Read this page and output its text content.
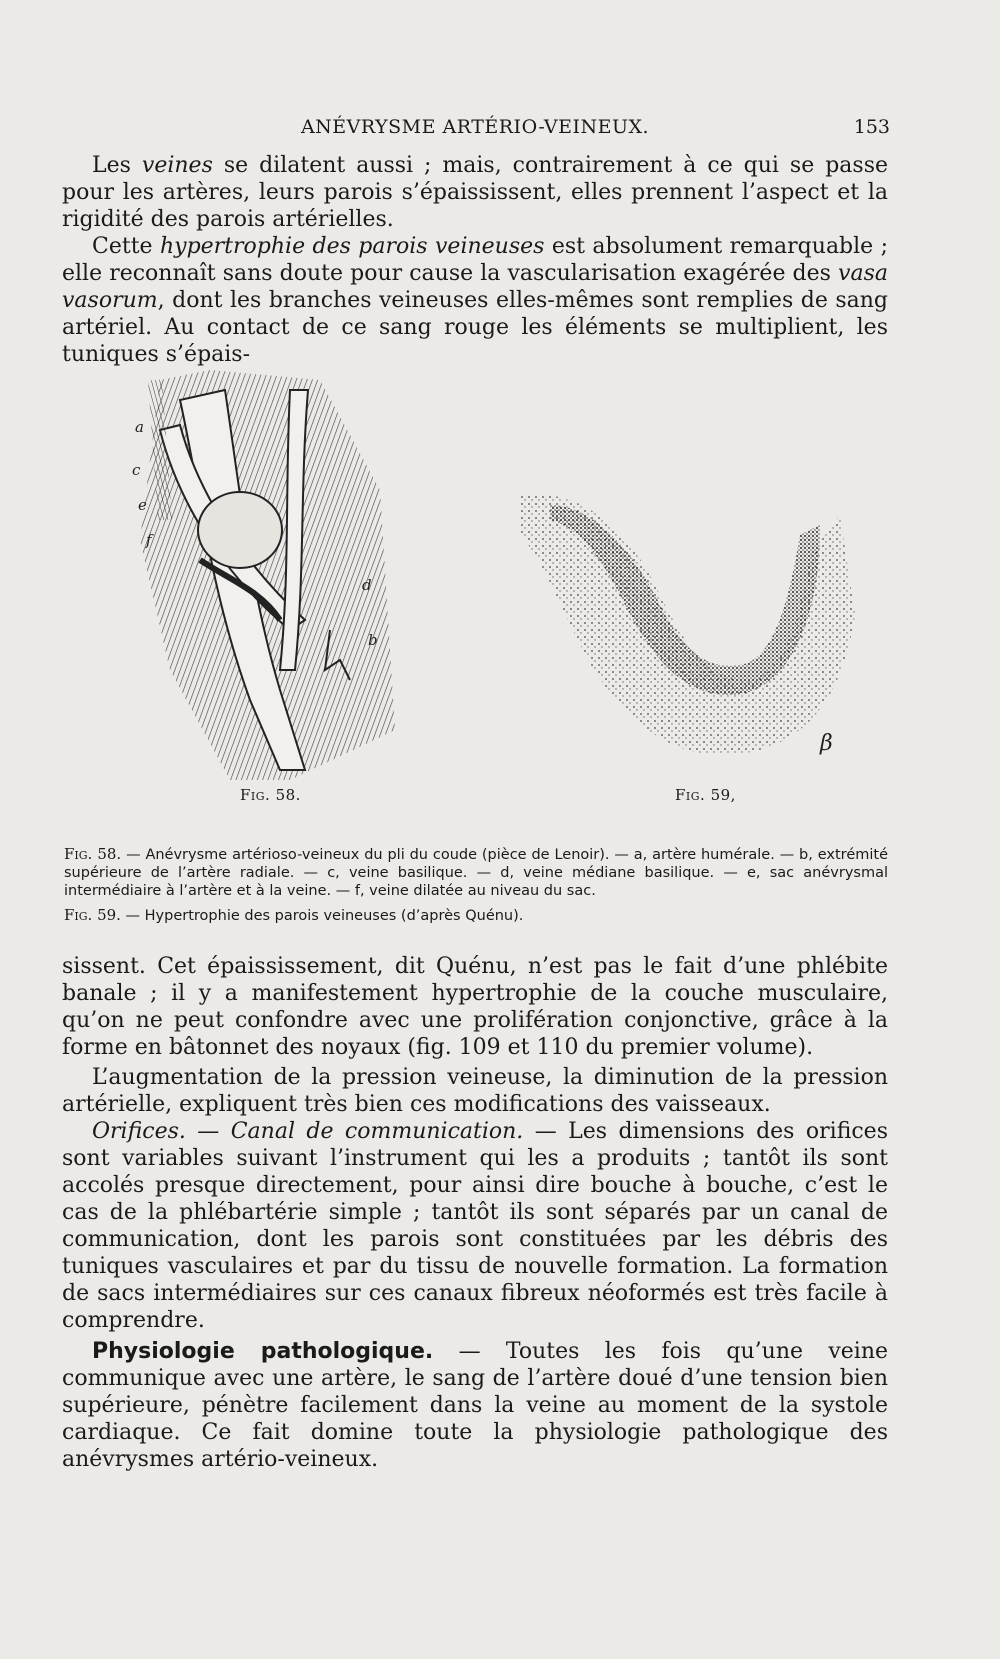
ANÉVRYSME ARTÉRIO-VEINEUX.	153

Les veines se dilatent aussi ; mais, contrairement à ce qui se passe pour les artères, leurs parois s’épaississent, elles prennent l’aspect et la rigidité des parois artérielles.

Cette hypertrophie des parois veineuses est absolument remarquable ; elle reconnaît sans doute pour cause la vascularisation exagérée des vasa vasorum, dont les branches veineuses elles-mêmes sont remplies de sang artériel. Au contact de ce sang rouge les éléments se multiplient, les tuniques s’épais-

a
c
e
f
d
b
β
Fig. 58.	Fig. 59,

Fig. 58. — Anévrysme artérioso-veineux du pli du coude (pièce de Lenoir). — a, artère humérale. — b, extrémité supérieure de l’artère radiale. — c, veine basilique. — d, veine médiane basilique. — e, sac anévrysmal intermédiaire à l’artère et à la veine. — f, veine dilatée au niveau du sac.

Fig. 59. — Hypertrophie des parois veineuses (d’après Quénu).

sissent. Cet épaississement, dit Quénu, n’est pas le fait d’une phlébite banale ; il y a manifestement hypertrophie de la couche musculaire, qu’on ne peut confondre avec une prolifération conjonctive, grâce à la forme en bâtonnet des noyaux (fig. 109 et 110 du premier volume).

L’augmentation de la pression veineuse, la diminution de la pression artérielle, expliquent très bien ces modifications des vaisseaux.

Orifices. — Canal de communication. — Les dimensions des orifices sont variables suivant l’instrument qui les a produits ; tantôt ils sont accolés presque directement, pour ainsi dire bouche à bouche, c’est le cas de la phlébartérie simple ; tantôt ils sont séparés par un canal de communication, dont les parois sont constituées par les débris des tuniques vasculaires et par du tissu de nouvelle formation. La formation de sacs intermédiaires sur ces canaux fibreux néoformés est très facile à comprendre.

Physiologie pathologique. — Toutes les fois qu’une veine communique avec une artère, le sang de l’artère doué d’une tension bien supérieure, pénètre facilement dans la veine au moment de la systole cardiaque. Ce fait domine toute la physiologie pathologique des anévrysmes artério-veineux.
